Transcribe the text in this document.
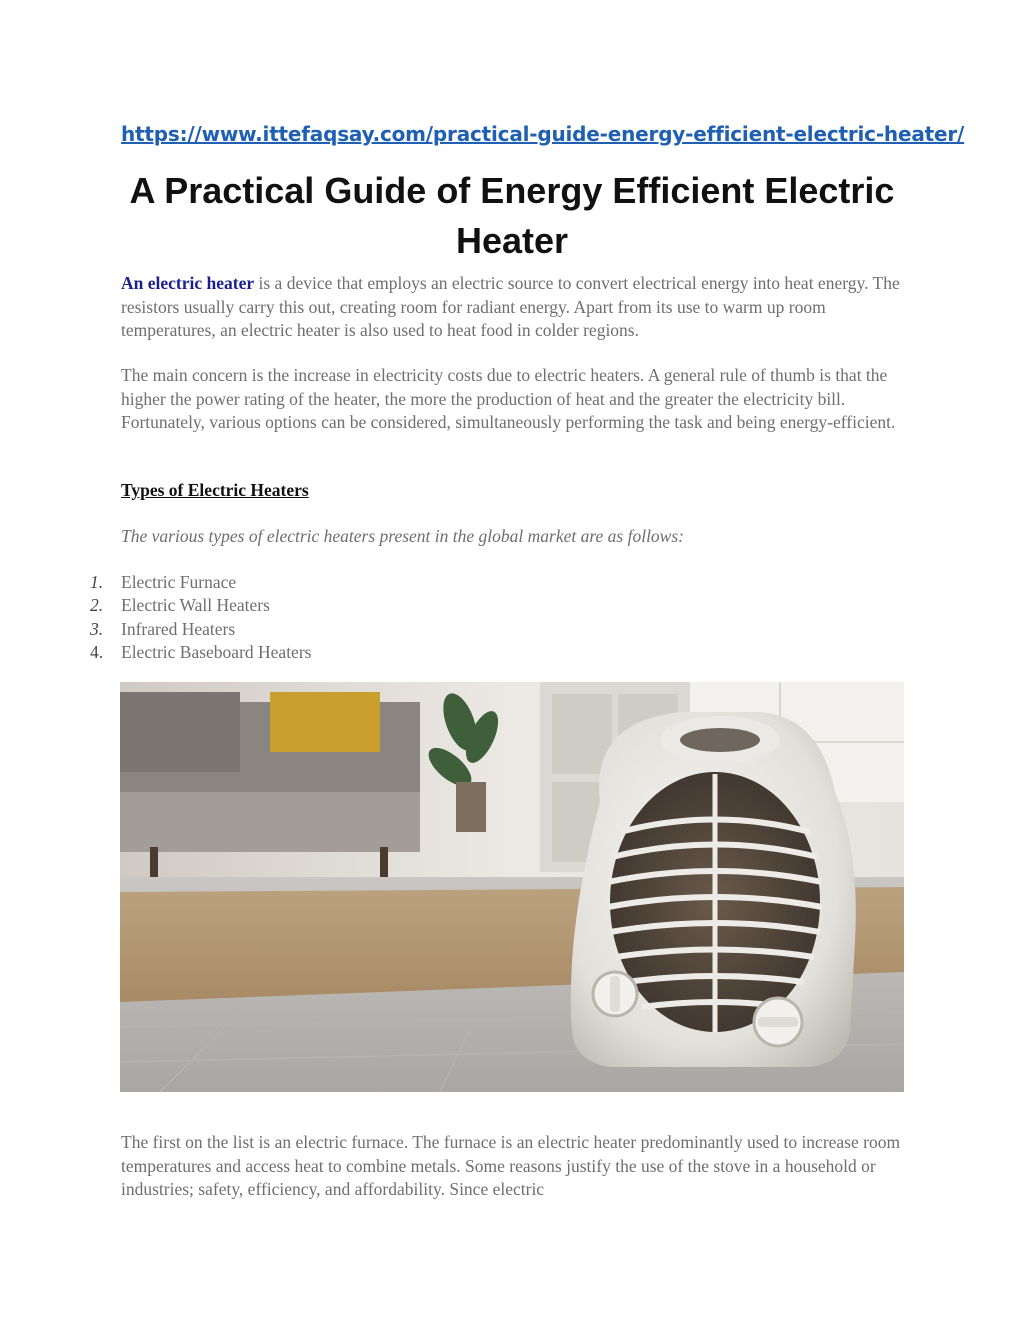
https://www.ittefaqsay.com/practical-guide-energy-efficient-electric-heater/
A Practical Guide of Energy Efficient Electric Heater

An electric heater is a device that employs an electric source to convert electrical energy into heat energy. The resistors usually carry this out, creating room for radiant energy. Apart from its use to warm up room temperatures, an electric heater is also used to heat food in colder regions.

The main concern is the increase in electricity costs due to electric heaters. A general rule of thumb is that the higher the power rating of the heater, the more the production of heat and the greater the electricity bill. Fortunately, various options can be considered, simultaneously performing the task and being energy-efficient.

Types of Electric Heaters

The various types of electric heaters present in the global market are as follows:

1.	Electric Furnace
2.	Electric Wall Heaters
3.	Infrared Heaters
4.	Electric Baseboard Heaters

The first on the list is an electric furnace. The furnace is an electric heater predominantly used to increase room temperatures and access heat to combine metals. Some reasons justify the use of the stove in a household or industries; safety, efficiency, and affordability. Since electric
